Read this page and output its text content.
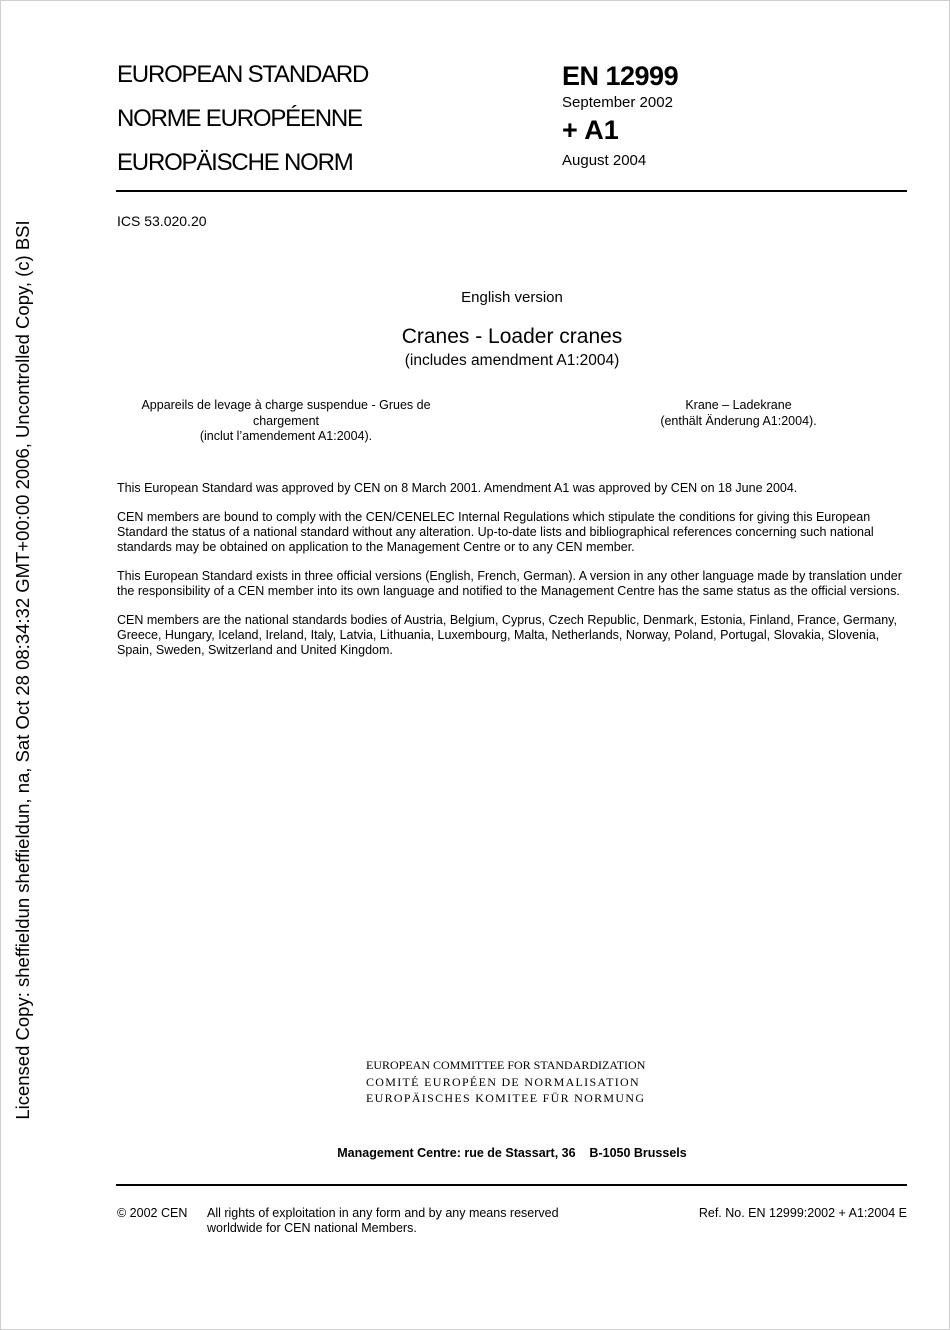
Licensed Copy: sheffieldun sheffieldun, na, Sat Oct 28 08:34:32 GMT+00:00 2006, Uncontrolled Copy, (c) BSI
EUROPEAN STANDARD
NORME EUROPÉENNE
EUROPÄISCHE NORM
EN 12999
September 2002
+ A1
August 2004
ICS 53.020.20
English version
Cranes - Loader cranes
(includes amendment A1:2004)
Appareils de levage à charge suspendue - Grues de
chargement
(inclut l’amendement A1:2004).
Krane – Ladekrane
(enthält Änderung A1:2004).

This European Standard was approved by CEN on 8 March 2001. Amendment A1 was approved by CEN on 18 June 2004.

CEN members are bound to comply with the CEN/CENELEC Internal Regulations which stipulate the conditions for giving this European Standard the status of a national standard without any alteration. Up-to-date lists and bibliographical references concerning such national standards may be obtained on application to the Management Centre or to any CEN member.

This European Standard exists in three official versions (English, French, German). A version in any other language made by translation under the responsibility of a CEN member into its own language and notified to the Management Centre has the same status as the official versions.

CEN members are the national standards bodies of Austria, Belgium, Cyprus, Czech Republic, Denmark, Estonia, Finland, France, Germany, Greece, Hungary, Iceland, Ireland, Italy, Latvia, Lithuania, Luxembourg, Malta, Netherlands, Norway, Poland, Portugal, Slovakia, Slovenia, Spain, Sweden, Switzerland and United Kingdom.

EUROPEAN COMMITTEE FOR STANDARDIZATION
COMITÉ EUROPÉEN DE NORMALISATION
EUROPÄISCHES KOMITEE FÜR NORMUNG
Management Centre: rue de Stassart, 36    B-1050 Brussels
© 2002 CEN All rights of exploitation in any form and by any means reserved
worldwide for CEN national Members.
Ref. No. EN 12999:2002 + A1:2004 E
